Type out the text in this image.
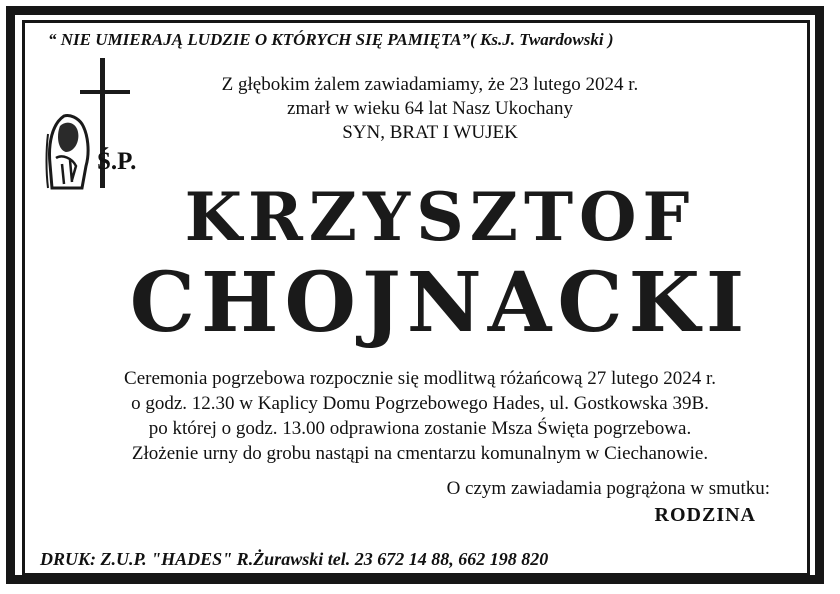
“ NIE UMIERAJĄ LUDZIE O KTÓRYCH SIĘ PAMIĘTA”( Ks.J. Twardowski )
Ś.P.
Z głębokim żalem zawiadamiamy, że 23 lutego 2024 r.
zmarł w wieku 64 lat Nasz Ukochany
SYN, BRAT I WUJEK
KRZYSZTOF
CHOJNACKI
Ceremonia pogrzebowa rozpocznie się modlitwą różańcową 27 lutego 2024 r.
o godz. 12.30 w Kaplicy Domu Pogrzebowego Hades, ul. Gostkowska 39B.
po której o godz. 13.00 odprawiona zostanie Msza Święta pogrzebowa.
Złożenie urny do grobu nastąpi na cmentarzu komunalnym w Ciechanowie.
O czym zawiadamia pogrążona w smutku:
RODZINA
DRUK: Z.U.P. "HADES" R.Żurawski tel. 23 672 14 88, 662 198 820
